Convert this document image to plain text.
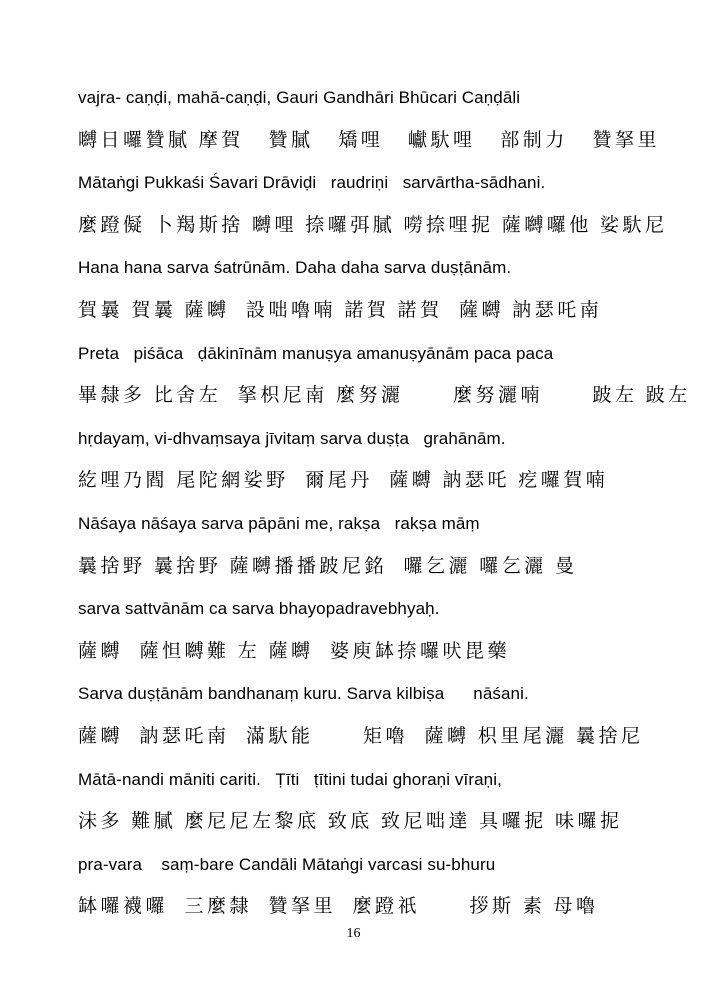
vajra- caṇḍi, mahā-caṇḍi, Gauri Gandhāri Bhūcari Caṇḍāli
嚩日囉贊膩 摩賀   贊膩   矯哩   巘馱哩   部制力   贊拏里
Mātaṅgi Pukkaśi Śavari Drāviḍi   raudriṇi   sarvārtha-sādhani.
麼蹬儗 卜羯斯捨 嚩哩 捺囉弭膩 嘮捺哩抳 薩嚩囉他 娑馱尼
Hana hana sarva śatrūnām. Daha daha sarva duṣṭānām.
賀曩 賀曩 薩嚩  設咄嚕喃 諾賀 諾賀  薩嚩 訥瑟吒南
Preta   piśāca   ḍākinīnām manuṣya amanuṣyānām paca paca
畢隸多 比舍左  拏枳尼南 麼努灑      麼努灑喃      跛左 跛左
hṛdayaṃ, vi-dhvaṃsaya jīvitaṃ sarva duṣṭa   grahānām.
紇哩乃閻 尾陀網娑野  爾尾丹  薩嚩 訥瑟吒 疙囉賀喃
Nāśaya nāśaya sarva pāpāni me, rakṣa   rakṣa māṃ
曩捨野 曩捨野 薩嚩播播跛尼銘  囉乞灑 囉乞灑 曼
sarva sattvānām ca sarva bhayopadravebhyaḥ.
薩嚩  薩怛嚩難 左 薩嚩  婆庾缽捺囉吠毘藥
Sarva duṣṭānām bandhanaṃ kuru. Sarva kilbiṣa      nāśani.
薩嚩  訥瑟吒南  滿馱能      矩嚕  薩嚩 枳里尾灑 曩捨尼
Mātā-nandi māniti cariti.   Ṭīti   ṭītini tudai ghoraṇi vīraṇi,
沫多 難膩 麼尼尼左黎底 致底 致尼咄達 具囉抳 味囉抳
pra-vara    saṃ-bare Candāli Mātaṅgi varcasi su-bhuru
缽囉襪囉  三麼隸  贊拏里  麼蹬祇      拶斯 素 母嚕
16
